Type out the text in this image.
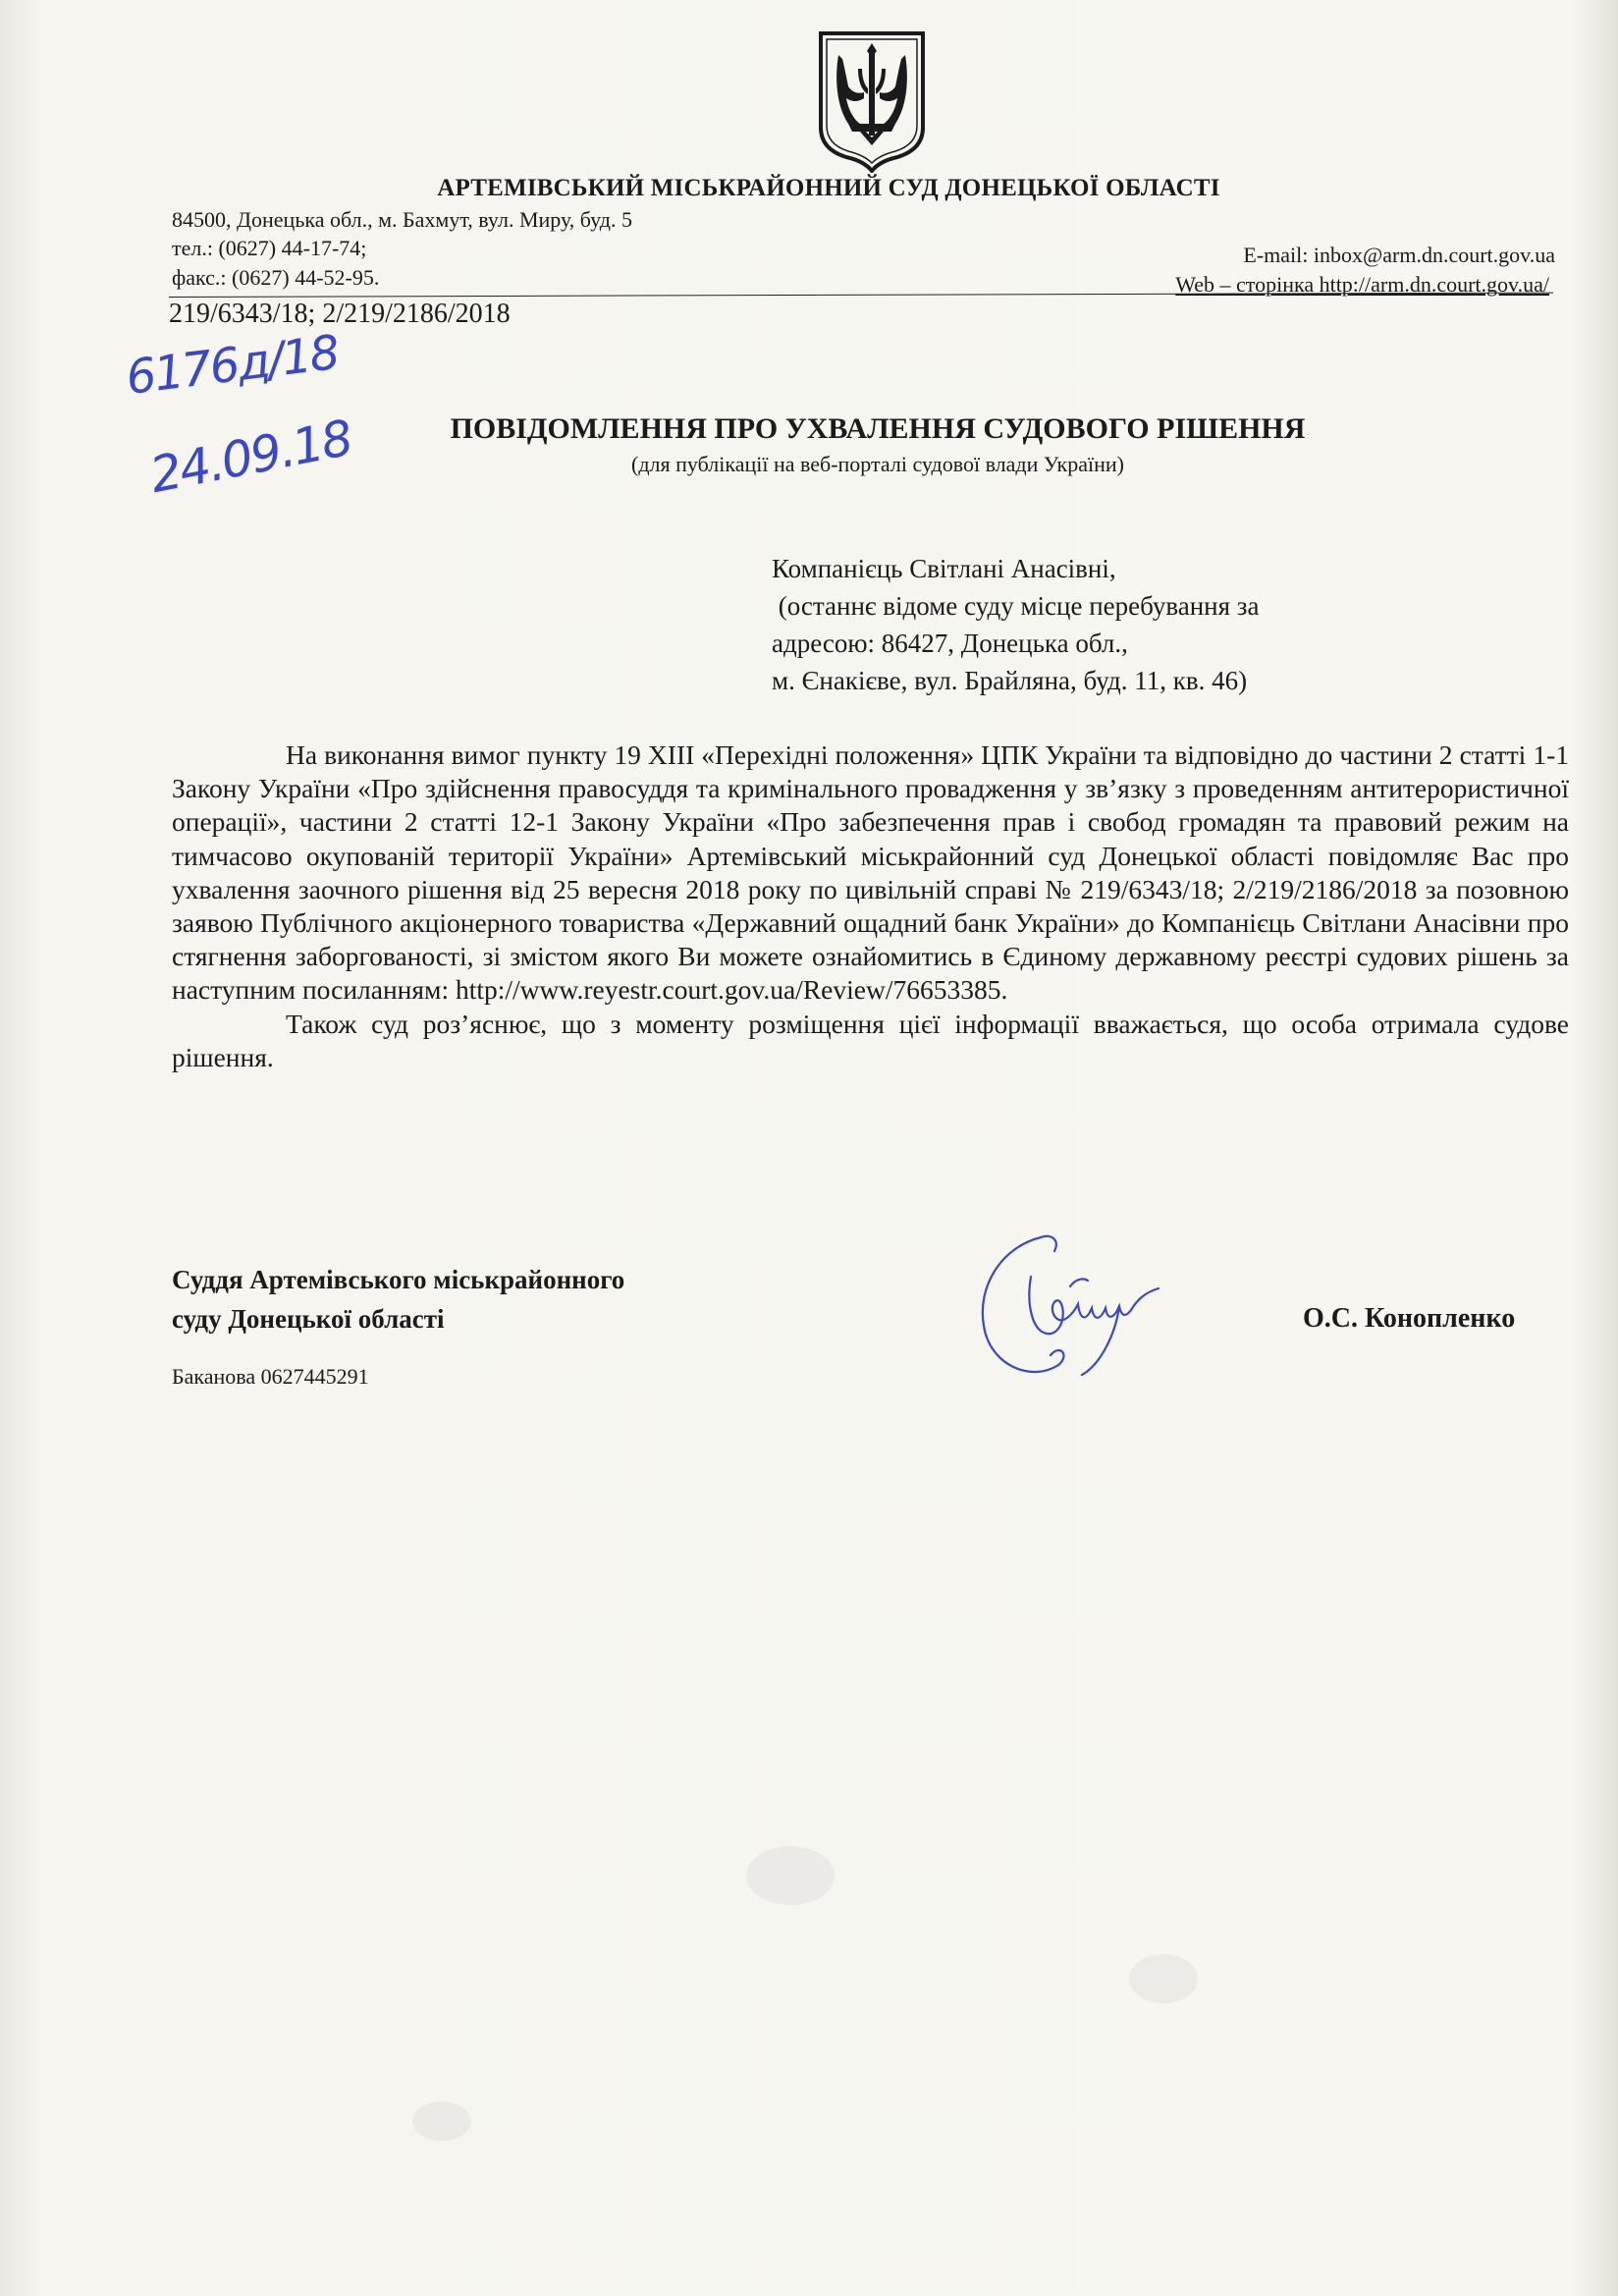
АРТЕМІВСЬКИЙ МІСЬКРАЙОННИЙ СУД ДОНЕЦЬКОЇ ОБЛАСТІ
84500, Донецька обл., м. Бахмут, вул. Миру, буд. 5
тел.: (0627) 44-17-74;
факс.: (0627) 44-52-95.
E-mail: inbox@arm.dn.court.gov.ua
Web – сторінка http://arm.dn.court.gov.ua/
219/6343/18; 2/219/2186/2018
6176д/18
24.09.18	ПОВІДОМЛЕННЯ ПРО УХВАЛЕННЯ СУДОВОГО РІШЕННЯ
(для публікації на веб-порталі судової влади України)
Компанієць Світлані Анасівні,
(останнє відоме суду місце перебування за
адресою: 86427, Донецька обл.,
м. Єнакієве, вул. Брайляна, буд. 11, кв. 46)

На виконання вимог пункту 19 XIII «Перехідні положення» ЦПК України та відповідно до частини 2 статті 1-1 Закону України «Про здійснення правосуддя та кримінального провадження у зв’язку з проведенням антитерористичної операції», частини 2 статті 12-1 Закону України «Про забезпечення прав і свобод громадян та правовий режим на тимчасово окупованій території України» Артемівський міськрайонний суд Донецької області повідомляє Вас про ухвалення заочного рішення від 25 вересня 2018 року по цивільній справі № 219/6343/18; 2/219/2186/2018 за позовною заявою Публічного акціонерного товариства «Державний ощадний банк України» до Компанієць Світлани Анасівни про стягнення заборгованості, зі змістом якого Ви можете ознайомитись в Єдиному державному реєстрі судових рішень за наступним посиланням: http://www.reyestr.court.gov.ua/Review/76653385.

Також суд роз’яснює, що з моменту розміщення цієї інформації вважається, що особа отримала судове рішення.

Суддя Артемівського міськрайонного
суду Донецької області	О.С. Конопленко
Баканова 0627445291
